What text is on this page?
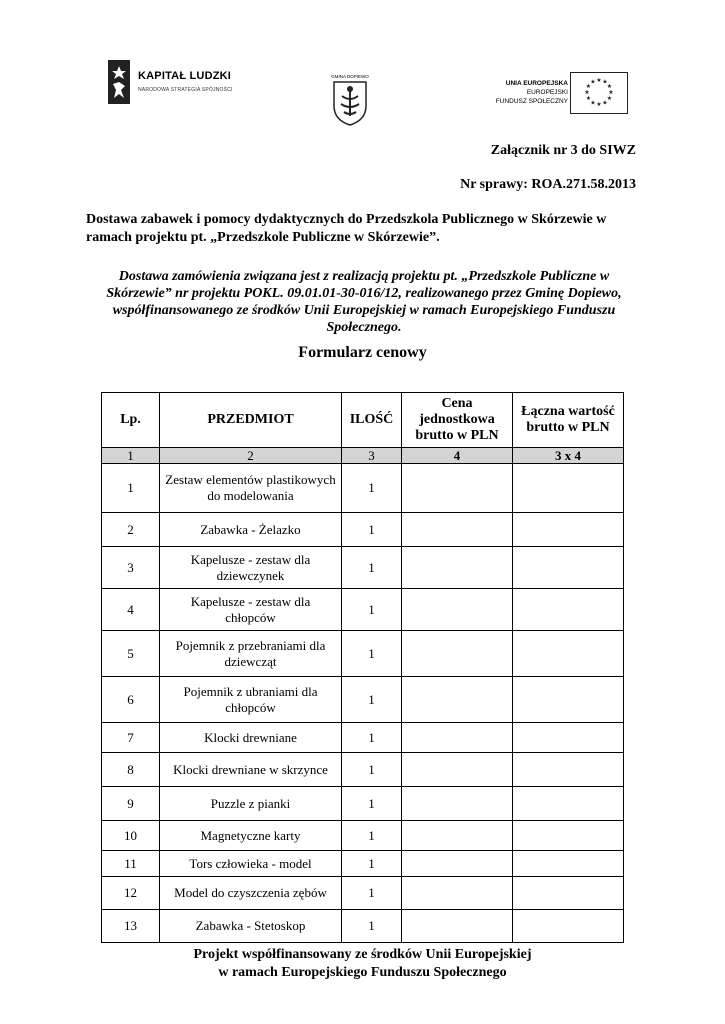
KAPITAŁ LUDZKI
NARODOWA STRATEGIA SPÓJNOŚCI
GMINA DOPIEWO
UNIA EUROPEJSKA
EUROPEJSKI
FUNDUSZ SPOŁECZNY
★ ★
★
★
★
★
★
★
★
★
★
★
Załącznik nr 3 do SIWZ
Nr sprawy: ROA.271.58.2013
Dostawa zabawek i pomocy dydaktycznych do Przedszkola Publicznego w Skórzewie w ramach projektu pt. „Przedszkole Publiczne w Skórzewie”.
Dostawa zamówienia związana jest z realizacją projektu pt. „Przedszkole Publiczne w Skórzewie” nr projektu POKL. 09.01.01-30-016/12, realizowanego przez Gminę Dopiewo, współfinansowanego ze środków Unii Europejskiej w ramach Europejskiego Funduszu Społecznego.
Formularz cenowy
Lp.	PRZEDMIOT	ILOŚĆ	Cena jednostkowa brutto w PLN	Łączna wartość brutto w PLN
1	2	3	4	3 x 4
1	Zestaw elementów plastikowych do modelowania	1		
2	Zabawka - Żelazko	1		
3	Kapelusze - zestaw dla dziewczynek	1		
4	Kapelusze - zestaw dla chłopców	1		
5	Pojemnik z przebraniami dla dziewcząt	1		
6	Pojemnik z ubraniami dla chłopców	1		
7	Klocki drewniane	1		
8	Klocki drewniane w skrzynce	1		
9	Puzzle z pianki	1		
10	Magnetyczne karty	1		
11	Tors człowieka - model	1		
12	Model do czyszczenia zębów	1		
13	Zabawka - Stetoskop	1		
Projekt współfinansowany ze środków Unii Europejskiej
w ramach Europejskiego Funduszu Społecznego
